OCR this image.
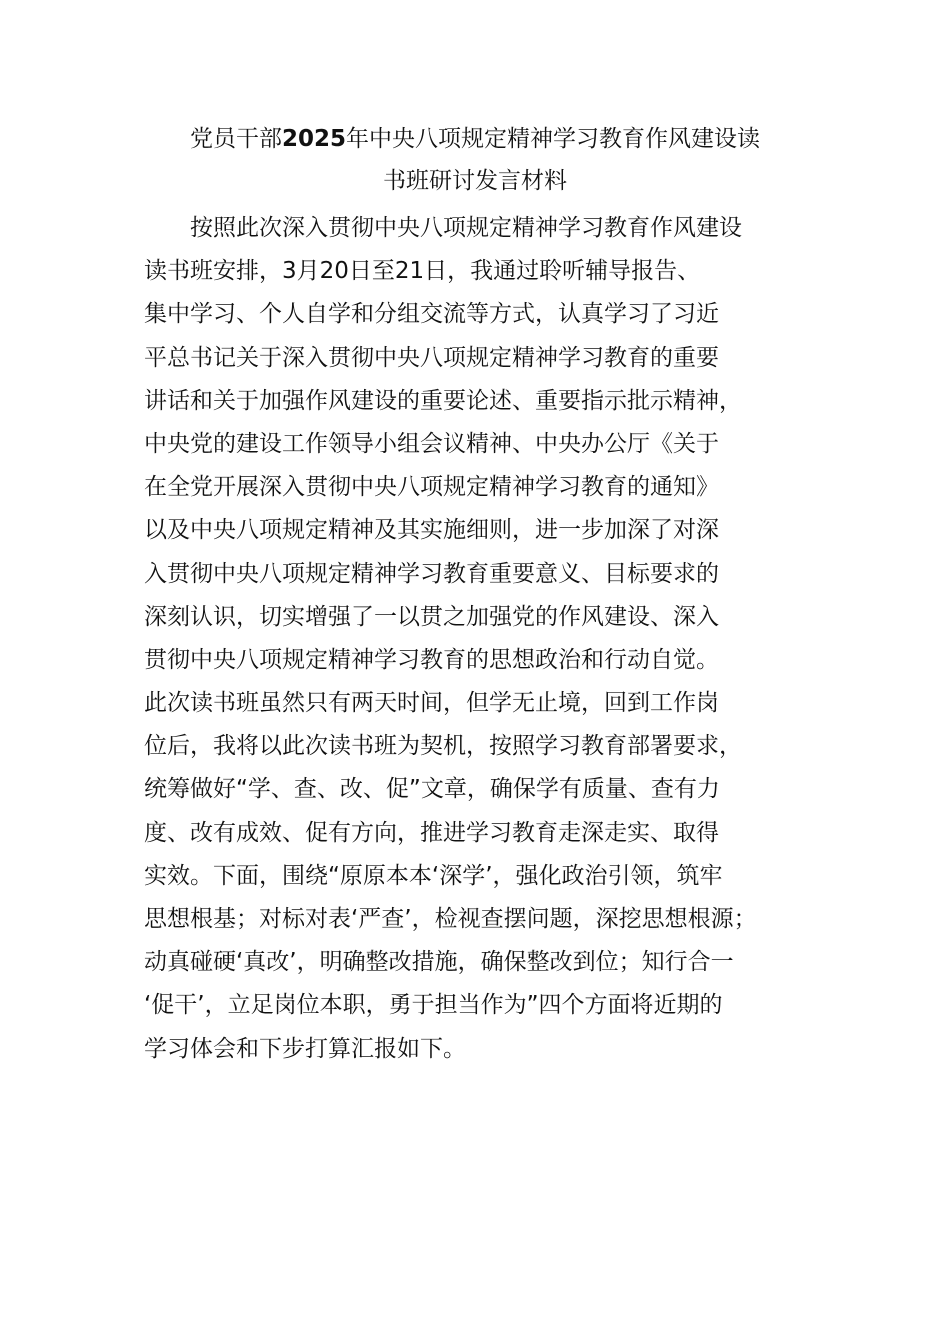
党员干部2025年中央八项规定精神学习教育作风建设读
书班研讨发言材料
按照此次深入贯彻中央八项规定精神学习教育作风建设
读书班安排，3月20日至21日，我通过聆听辅导报告、
集中学习、个人自学和分组交流等方式，认真学习了习近
平总书记关于深入贯彻中央八项规定精神学习教育的重要
讲话和关于加强作风建设的重要论述、重要指示批示精神，
中央党的建设工作领导小组会议精神、中央办公厅《关于
在全党开展深入贯彻中央八项规定精神学习教育的通知》
以及中央八项规定精神及其实施细则，进一步加深了对深
入贯彻中央八项规定精神学习教育重要意义、目标要求的
深刻认识，切实增强了一以贯之加强党的作风建设、深入
贯彻中央八项规定精神学习教育的思想政治和行动自觉。
此次读书班虽然只有两天时间，但学无止境，回到工作岗
位后，我将以此次读书班为契机，按照学习教育部署要求，
统筹做好“学、查、改、促”文章，确保学有质量、查有力
度、改有成效、促有方向，推进学习教育走深走实、取得
实效。下面，围绕“原原本本‘深学’，强化政治引领，筑牢
思想根基；对标对表‘严查’，检视查摆问题，深挖思想根源；
动真碰硬‘真改’，明确整改措施，确保整改到位；知行合一
‘促干’，立足岗位本职，勇于担当作为”四个方面将近期的
学习体会和下步打算汇报如下。
